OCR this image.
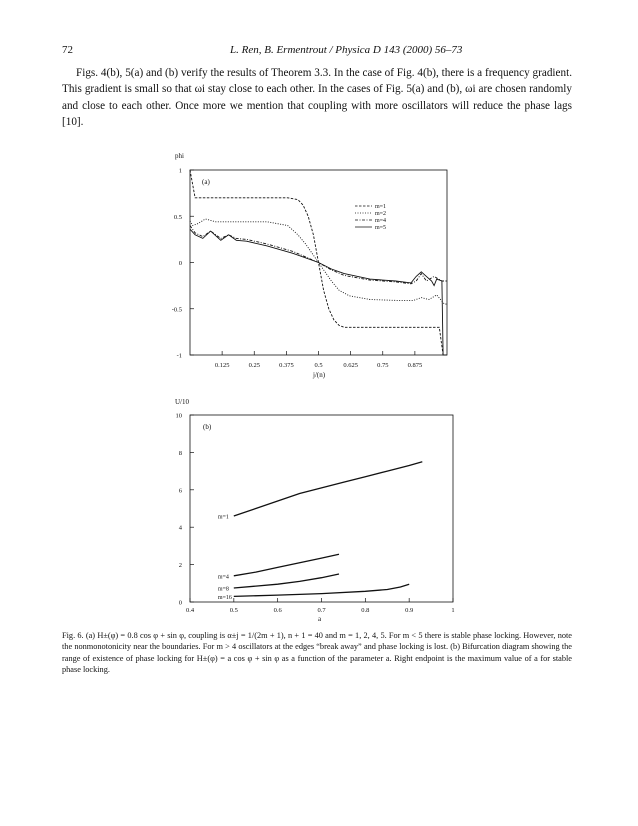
72	L. Ren, B. Ermentrout / Physica D 143 (2000) 56–73
Figs. 4(b), 5(a) and (b) verify the results of Theorem 3.3. In the case of Fig. 4(b), there is a frequency gradient. This gradient is small so that ωi stay close to each other. In the cases of Fig. 5(a) and (b), ωi are chosen randomly and close to each other. Once more we mention that coupling with more oscillators will reduce the phase lags [10].
phi
j/(n)
(a)
0.125	0.25	0.375	0.5	0.625	0.75	0.875
1
0.5
0
-0.5
-1
m=1
m=2
m=4
m=5
U/10
a
(b)
0.4	0.5	0.6	0.7	0.8	0.9	1
10
8
6
4
2
0
m=1
m=4
m=8
m=16
Fig. 6. (a) H±(φ) = 0.8 cos φ + sin φ, coupling is α±j = 1/(2m + 1), n + 1 = 40 and m = 1, 2, 4, 5. For m < 5 there is stable phase locking. However, note the nonmonotonicity near the boundaries. For m > 4 oscillators at the edges “break away” and phase locking is lost. (b) Bifurcation diagram showing the range of existence of phase locking for H±(φ) = a cos φ + sin φ as a function of the parameter a. Right endpoint is the maximum value of a for stable phase locking.
